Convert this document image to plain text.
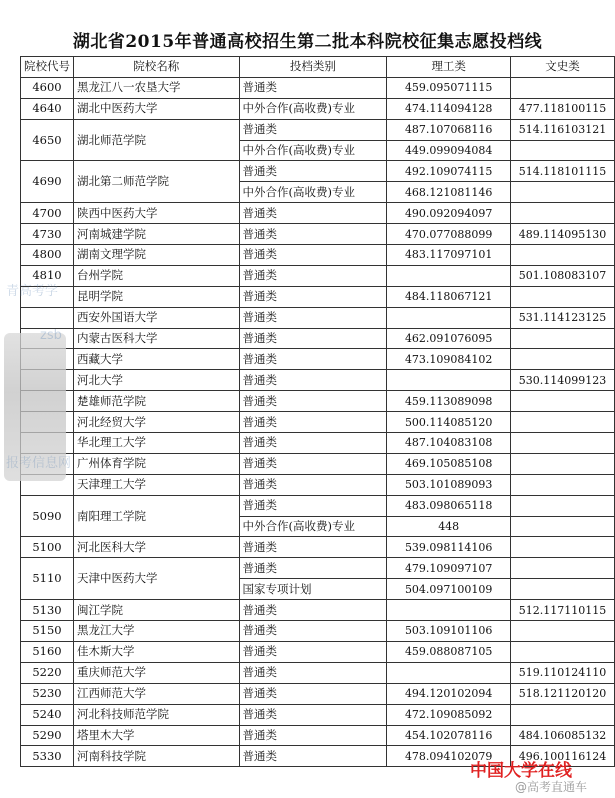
湖北省2015年普通高校招生第二批本科院校征集志愿投档线
院校代号	院校名称	投档类别	理工类	文史类
4600	黑龙江八一农垦大学	普通类	459.095071115	
4640	湖北中医药大学	中外合作(高收费)专业	474.114094128	477.118100115
4650	湖北师范学院	普通类	487.107068116	514.116103121
		中外合作(高收费)专业	449.099094084	
4690	湖北第二师范学院	普通类	492.109074115	514.118101115
		中外合作(高收费)专业	468.121081146	
4700	陕西中医药大学	普通类	490.092094097	
4730	河南城建学院	普通类	470.077088099	489.114095130
4800	湖南文理学院	普通类	483.117097101	
4810	台州学院	普通类		501.108083107
	昆明学院	普通类	484.118067121	
	西安外国语大学	普通类		531.114123125
	内蒙古医科大学	普通类	462.091076095	
	西藏大学	普通类	473.109084102	
	河北大学	普通类		530.114099123
	楚雄师范学院	普通类	459.113089098	
	河北经贸大学	普通类	500.114085120	
	华北理工大学	普通类	487.104083108	
	广州体育学院	普通类	469.105085108	
	天津理工大学	普通类	503.101089093	
5090	南阳理工学院	普通类	483.098065118	
		中外合作(高收费)专业	448	
5100	河北医科大学	普通类	539.098114106	
5110	天津中医药大学	普通类	479.109097107	
		国家专项计划	504.097100109	
5130	闽江学院	普通类		512.117110115
5150	黑龙江大学	普通类	503.109101106	
5160	佳木斯大学	普通类	459.088087105	
5220	重庆师范大学	普通类		519.110124110
5230	江西师范大学	普通类	494.120102094	518.121120120
5240	河北科技师范学院	普通类	472.109085092	
5290	塔里木大学	普通类	454.102078116	484.106085132
5330	河南科技学院	普通类	478.094102079	496.100116124
青高考学
zsb
报考信息网
中国大学在线
@高考直通车
